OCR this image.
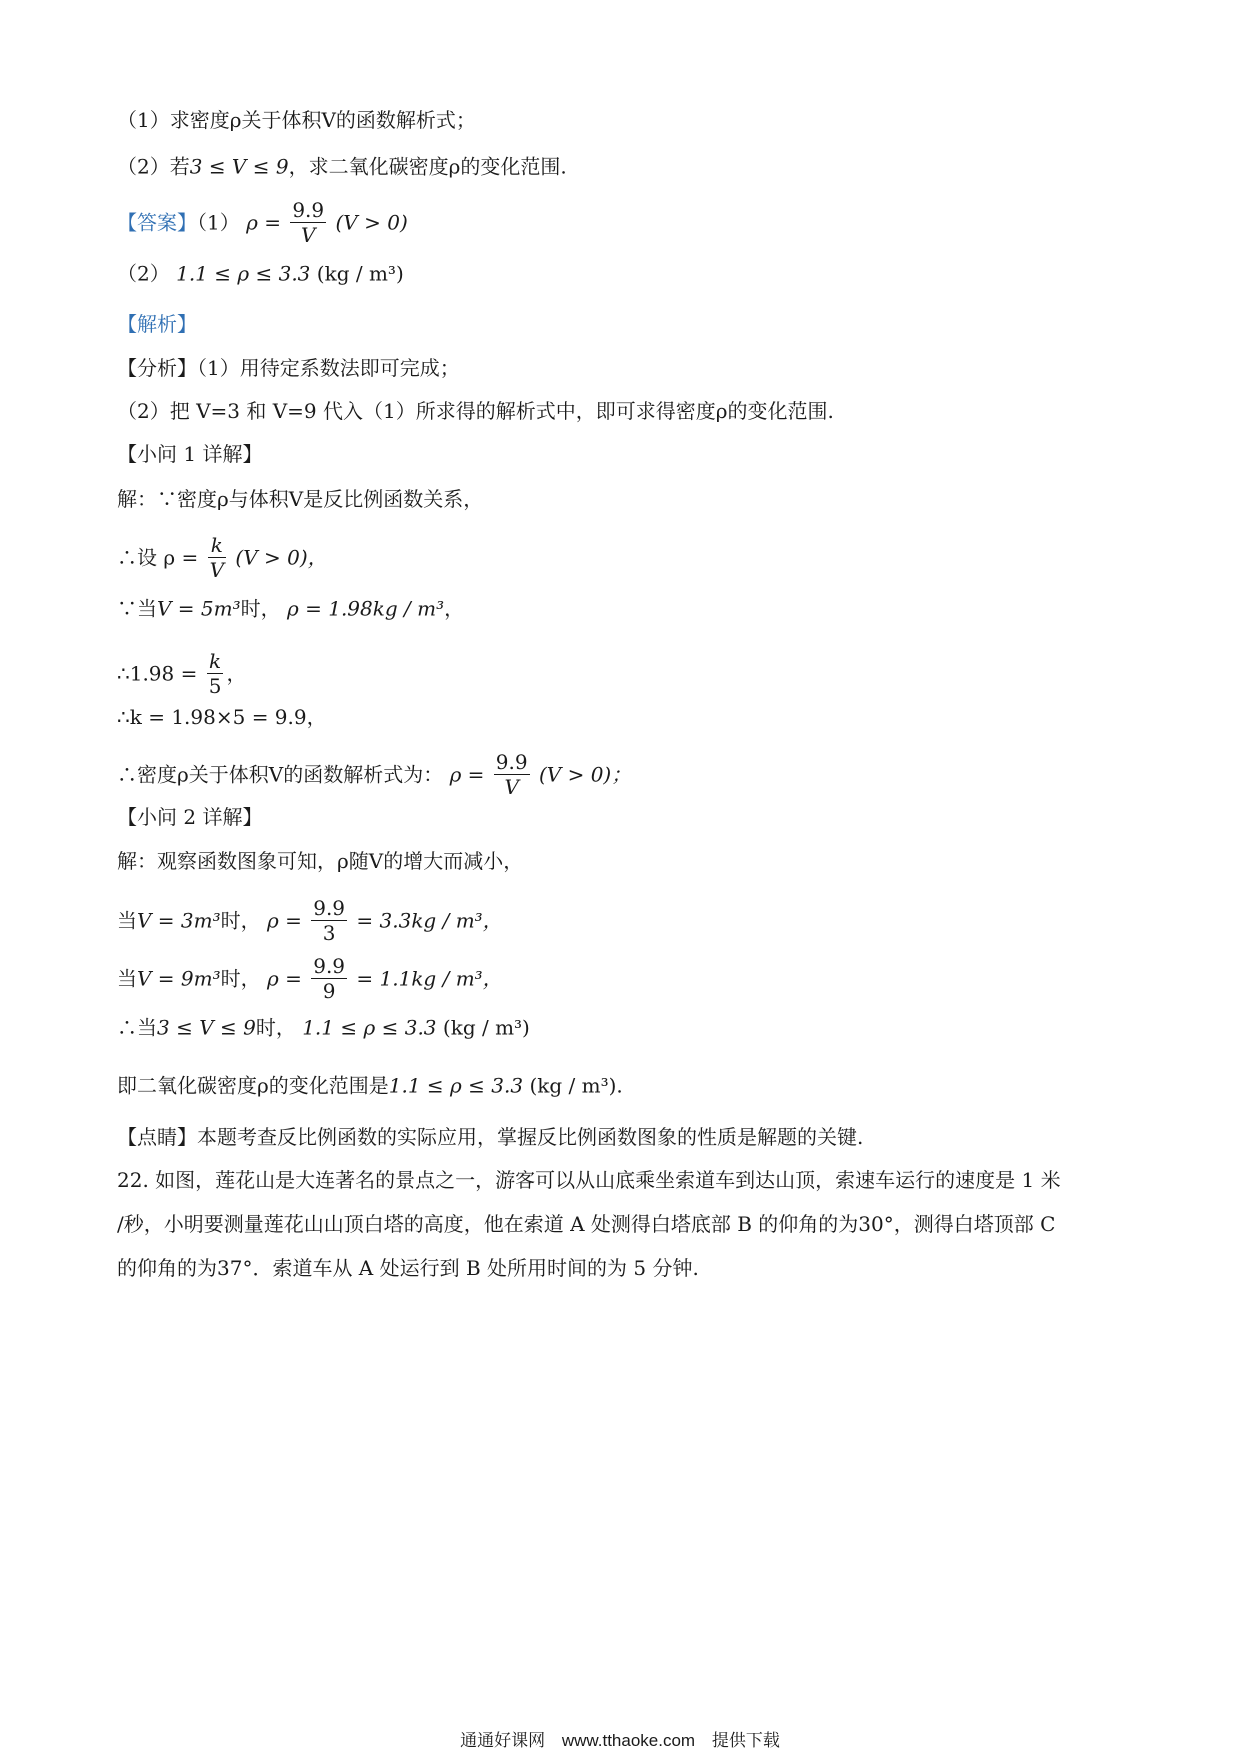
（1）求密度ρ关于体积V的函数解析式；
（2）若3 ≤ V ≤ 9，求二氧化碳密度ρ的变化范围.
【答案】（1） $\rho = \frac{9.9}{V} (V > 0)$
（2） 1.1 ≤ ρ ≤ 3.3 (kg / m³)
【解析】
【分析】（1）用待定系数法即可完成；
（2）把 V=3 和 V=9 代入（1）所求得的解析式中，即可求得密度ρ的变化范围.
【小问 1 详解】
解：∵密度ρ与体积V是反比例函数关系，
∴设 $\rho = \frac{k}{V} (V > 0)$，
∵当V = 5m³时， ρ = 1.98kg / m³，
∴1.98 = $\frac{k}{5}$ ，
∴k = 1.98×5 = 9.9，
∴密度ρ关于体积V的函数解析式为： $\rho = \frac{9.9}{V} (V > 0)$；
【小问 2 详解】
解：观察函数图象可知，ρ随V的增大而减小，
当V = 3m³时， $\rho = \frac{9.9}{3} = 3.3kg / m^3$，
当V = 9m³时， $\rho = \frac{9.9}{9} = 1.1kg / m^3$，
∴当3 ≤ V ≤ 9时， 1.1 ≤ ρ ≤ 3.3 (kg / m³)
即二氧化碳密度ρ的变化范围是1.1 ≤ ρ ≤ 3.3 (kg / m³).
【点睛】本题考查反比例函数的实际应用，掌握反比例函数图象的性质是解题的关键.
22. 如图，莲花山是大连著名的景点之一，游客可以从山底乘坐索道车到达山顶，索速车运行的速度是 1 米
/秒，小明要测量莲花山山顶白塔的高度，他在索道 A 处测得白塔底部 B 的仰角的为30°，测得白塔顶部 C
的仰角的为37°．索道车从 A 处运行到 B 处所用时间的为 5 分钟.
通通好课网 www.tthaoke.com 提供下载
